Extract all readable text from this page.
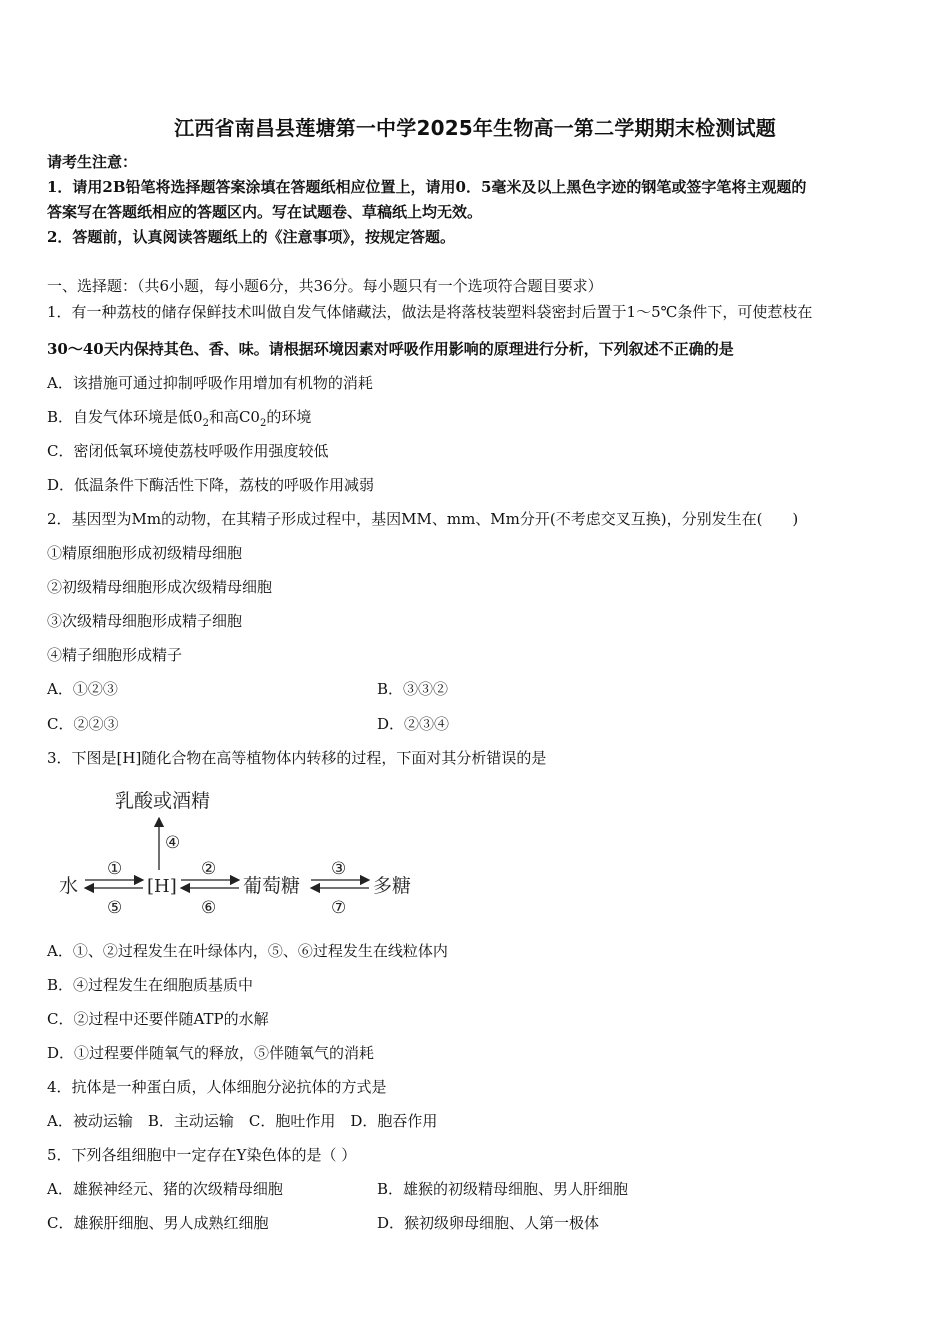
江西省南昌县莲塘第一中学2025年生物高一第二学期期末检测试题
请考生注意：
1．请用2B铅笔将选择题答案涂填在答题纸相应位置上，请用0．5毫米及以上黑色字迹的钢笔或签字笔将主观题的
答案写在答题纸相应的答题区内。写在试题卷、草稿纸上均无效。
2．答题前，认真阅读答题纸上的《注意事项》，按规定答题。
一、选择题：（共6小题，每小题6分，共36分。每小题只有一个选项符合题目要求）
1．有一种荔枝的储存保鲜技术叫做自发气体储藏法，做法是将落枝装塑料袋密封后置于1～5℃条件下，可使惹枝在
30～40天内保持其色、香、味。请根据环境因素对呼吸作用影响的原理进行分析，下列叙述不正确的是
A．该措施可通过抑制呼吸作用增加有机物的消耗
B．自发气体环境是低$0_2$和高$C0_2$的环境
C．密闭低氧环境使荔枝呼吸作用强度较低
D．低温条件下酶活性下降，荔枝的呼吸作用减弱
2．基因型为Mm的动物，在其精子形成过程中，基因MM、mm、Mm分开(不考虑交叉互换)，分别发生在(　　)
①精原细胞形成初级精母细胞
②初级精母细胞形成次级精母细胞
③次级精母细胞形成精子细胞
④精子细胞形成精子
A．①②③	B．③③②
C．②②③	D．②③④
3．下图是[H]随化合物在高等植物体内转移的过程，下面对其分析错误的是
乳酸或酒精
④
水
①
⑤
[H]
②
⑥
葡萄糖
③
⑦
多糖
A．①、②过程发生在叶绿体内，⑤、⑥过程发生在线粒体内
B．④过程发生在细胞质基质中
C．②过程中还要伴随ATP的水解
D．①过程要伴随氧气的释放，⑤伴随氧气的消耗
4．抗体是一种蛋白质，人体细胞分泌抗体的方式是
A．被动运输　B．主动运输　C．胞吐作用　D．胞吞作用
5．下列各组细胞中一定存在Y染色体的是（ ）
A．雄猴神经元、猪的次级精母细胞	B．雄猴的初级精母细胞、男人肝细胞
C．雄猴肝细胞、男人成熟红细胞	D．猴初级卵母细胞、人第一极体
